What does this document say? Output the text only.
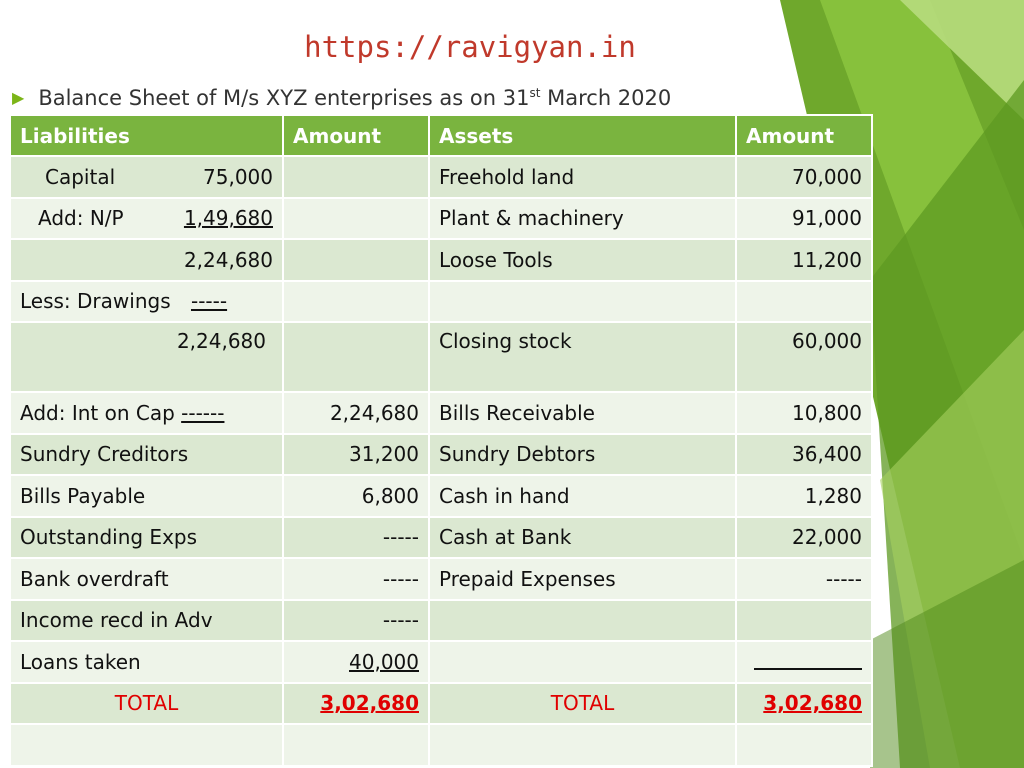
https://ravigyan.in
▶ Balance Sheet of M/s XYZ enterprises as on 31st March 2020
Liabilities	Amount	Assets	Amount

Capital 75,000		Freehold land	70,000

Add: N/P 1,49,680		Plant & machinery	91,000
2,24,680		Loose Tools	11,200
Less: Drawings -----			
2,24,680		Closing stock	60,000
Add: Int on Cap ------	2,24,680	Bills Receivable	10,800
Sundry Creditors	31,200	Sundry Debtors	36,400
Bills Payable	6,800	Cash in hand	1,280
Outstanding Exps	-----	Cash at Bank	22,000
Bank overdraft	-----	Prepaid Expenses	-----
Income recd in Adv	-----		
Loans taken	40,000		
TOTAL	3,02,680	TOTAL	3,02,680
